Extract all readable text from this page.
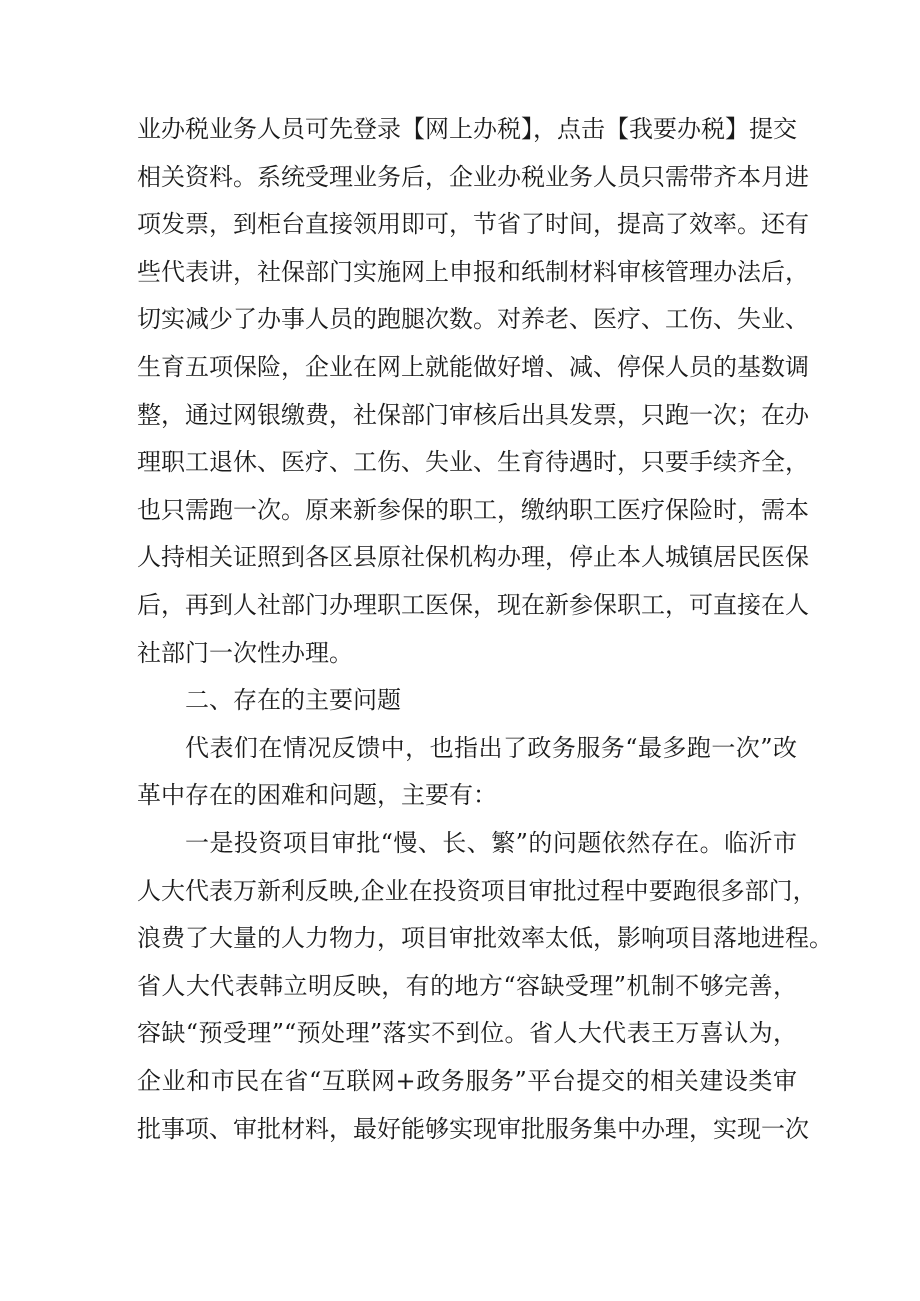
业办税业务人员可先登录【网上办税】，点击【我要办税】提交
相关资料。系统受理业务后，企业办税业务人员只需带齐本月进
项发票，到柜台直接领用即可，节省了时间，提高了效率。还有
些代表讲，社保部门实施网上申报和纸制材料审核管理办法后，
切实减少了办事人员的跑腿次数。对养老、医疗、工伤、失业、
生育五项保险，企业在网上就能做好增、减、停保人员的基数调
整，通过网银缴费，社保部门审核后出具发票，只跑一次；在办
理职工退休、医疗、工伤、失业、生育待遇时，只要手续齐全，
也只需跑一次。原来新参保的职工，缴纳职工医疗保险时，需本
人持相关证照到各区县原社保机构办理，停止本人城镇居民医保
后，再到人社部门办理职工医保，现在新参保职工，可直接在人
社部门一次性办理。
二、存在的主要问题
代表们在情况反馈中，也指出了政务服务“最多跑一次”改
革中存在的困难和问题，主要有：
一是投资项目审批“慢、长、繁”的问题依然存在。临沂市
人大代表万新利反映,企业在投资项目审批过程中要跑很多部门，
浪费了大量的人力物力，项目审批效率太低，影响项目落地进程。
省人大代表韩立明反映，有的地方“容缺受理”机制不够完善，
容缺“预受理”“预处理”落实不到位。省人大代表王万喜认为，
企业和市民在省“互联网+政务服务”平台提交的相关建设类审
批事项、审批材料，最好能够实现审批服务集中办理，实现一次
